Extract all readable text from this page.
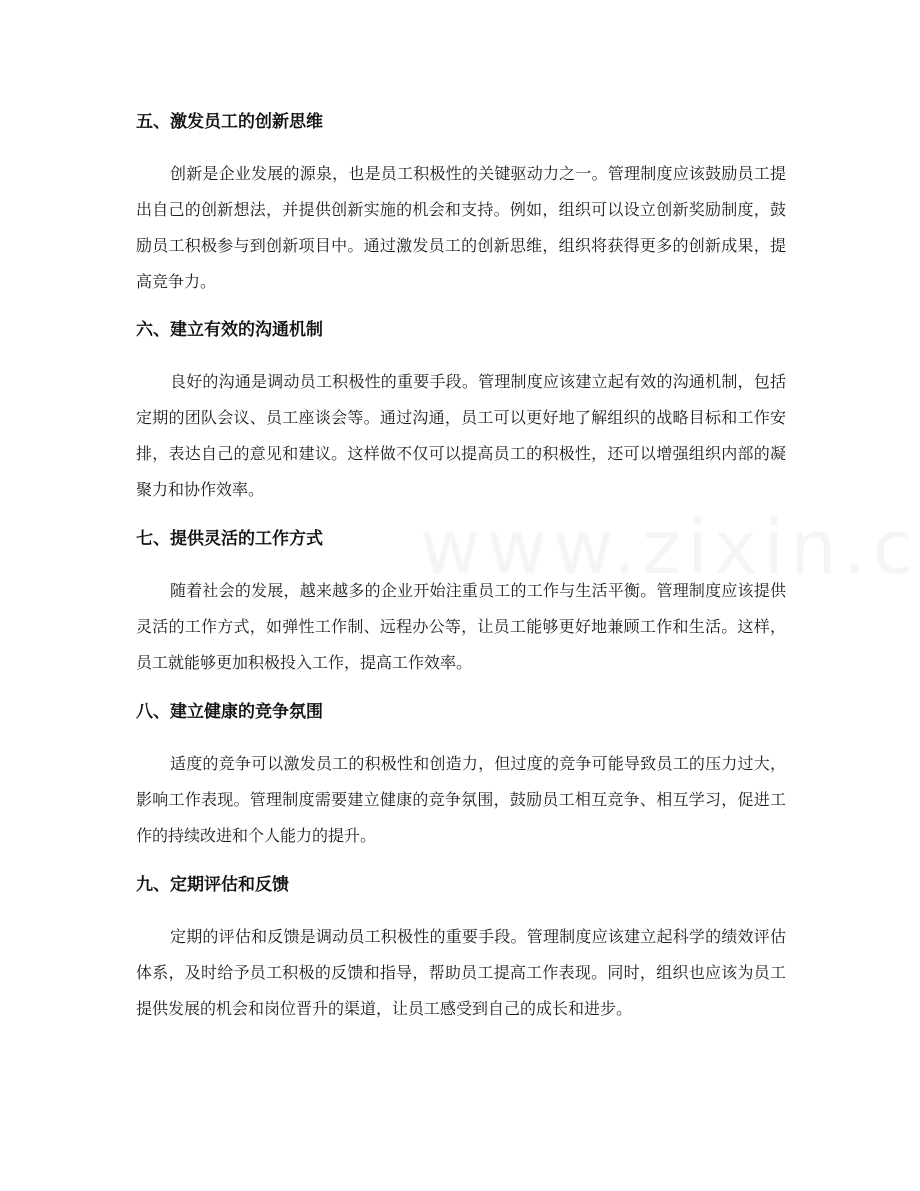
五、激发员工的创新思维

创新是企业发展的源泉，也是员工积极性的关键驱动力之一。管理制度应该鼓励员工提出自己的创新想法，并提供创新实施的机会和支持。例如，组织可以设立创新奖励制度，鼓励员工积极参与到创新项目中。通过激发员工的创新思维，组织将获得更多的创新成果，提高竞争力。

六、建立有效的沟通机制

良好的沟通是调动员工积极性的重要手段。管理制度应该建立起有效的沟通机制，包括定期的团队会议、员工座谈会等。通过沟通，员工可以更好地了解组织的战略目标和工作安排，表达自己的意见和建议。这样做不仅可以提高员工的积极性，还可以增强组织内部的凝聚力和协作效率。

七、提供灵活的工作方式

随着社会的发展，越来越多的企业开始注重员工的工作与生活平衡。管理制度应该提供灵活的工作方式，如弹性工作制、远程办公等，让员工能够更好地兼顾工作和生活。这样，员工就能够更加积极投入工作，提高工作效率。

八、建立健康的竞争氛围

适度的竞争可以激发员工的积极性和创造力，但过度的竞争可能导致员工的压力过大，影响工作表现。管理制度需要建立健康的竞争氛围，鼓励员工相互竞争、相互学习，促进工作的持续改进和个人能力的提升。

九、定期评估和反馈

定期的评估和反馈是调动员工积极性的重要手段。管理制度应该建立起科学的绩效评估体系，及时给予员工积极的反馈和指导，帮助员工提高工作表现。同时，组织也应该为员工提供发展的机会和岗位晋升的渠道，让员工感受到自己的成长和进步。
